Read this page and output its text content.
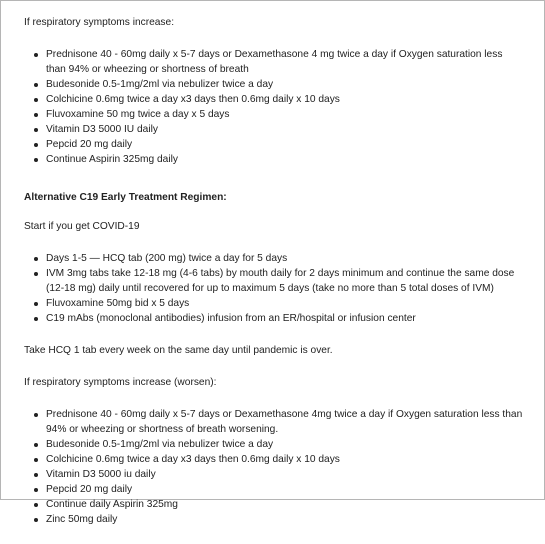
If respiratory symptoms increase:

Prednisone 40 - 60mg daily x 5-7 days or Dexamethasone 4 mg twice a day if Oxygen saturation less than 94% or wheezing or shortness of breath
Budesonide 0.5-1mg/2ml via nebulizer twice a day
Colchicine 0.6mg twice a day x3 days then 0.6mg daily x 10 days
Fluvoxamine 50 mg twice a day x 5 days
Vitamin D3 5000 IU daily
Pepcid 20 mg daily
Continue Aspirin 325mg daily

Alternative C19 Early Treatment Regimen:

Start if you get COVID-19

Days 1-5 — HCQ tab (200 mg) twice a day for 5 days
IVM 3mg tabs take 12-18 mg (4-6 tabs) by mouth daily for 2 days minimum and continue the same dose (12-18 mg) daily until recovered for up to maximum 5 days (take no more than 5 total doses of IVM)
Fluvoxamine 50mg bid x 5 days
C19 mAbs (monoclonal antibodies) infusion from an ER/hospital or infusion center

Take HCQ 1 tab every week on the same day until pandemic is over.

If respiratory symptoms increase (worsen):

Prednisone 40 - 60mg daily x 5-7 days or Dexamethasone 4mg twice a day if Oxygen saturation less than 94% or wheezing or shortness of breath worsening.
Budesonide 0.5-1mg/2ml via nebulizer twice a day
Colchicine 0.6mg twice a day x3 days then 0.6mg daily x 10 days
Vitamin D3 5000 iu daily
Pepcid 20 mg daily
Continue daily Aspirin 325mg
Zinc 50mg daily
